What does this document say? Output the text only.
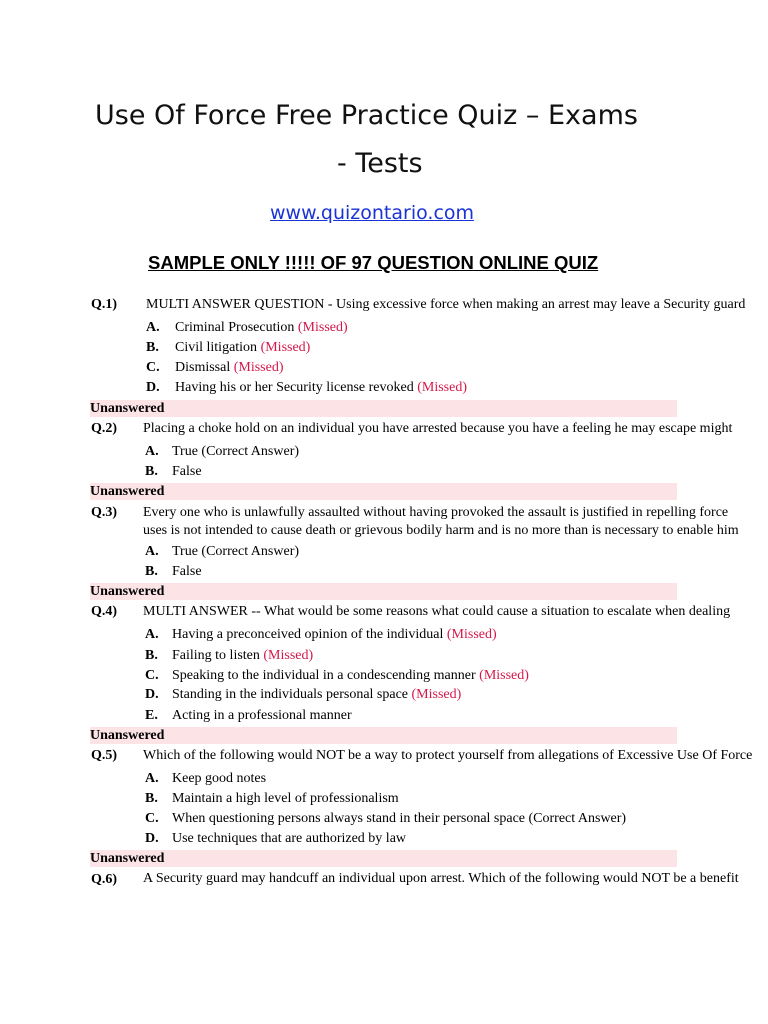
Use Of Force Free Practice Quiz – Exams
- Tests
www.quizontario.com
SAMPLE ONLY !!!!! OF 97 QUESTION ONLINE QUIZ
Q.1) MULTI ANSWER QUESTION - Using excessive force when making an arrest may leave a Security guard
A. Criminal Prosecution (Missed)
B. Civil litigation (Missed)
C. Dismissal (Missed)
D. Having his or her Security license revoked (Missed)
Unanswered
Q.2) Placing a choke hold on an individual you have arrested because you have a feeling he may escape might
A. True (Correct Answer)
B. False
Unanswered
Q.3) Every one who is unlawfully assaulted without having provoked the assault is justified in repelling force
uses is not intended to cause death or grievous bodily harm and is no more than is necessary to enable him
A. True (Correct Answer)
B. False
Unanswered
Q.4) MULTI ANSWER -- What would be some reasons what could cause a situation to escalate when dealing
A. Having a preconceived opinion of the individual (Missed)
B. Failing to listen (Missed)
C. Speaking to the individual in a condescending manner (Missed)
D. Standing in the individuals personal space (Missed)
E. Acting in a professional manner
Unanswered
Q.5) Which of the following would NOT be a way to protect yourself from allegations of Excessive Use Of Force
A. Keep good notes
B. Maintain a high level of professionalism
C. When questioning persons always stand in their personal space (Correct Answer)
D. Use techniques that are authorized by law
Unanswered
Q.6) A Security guard may handcuff an individual upon arrest. Which of the following would NOT be a benefit
